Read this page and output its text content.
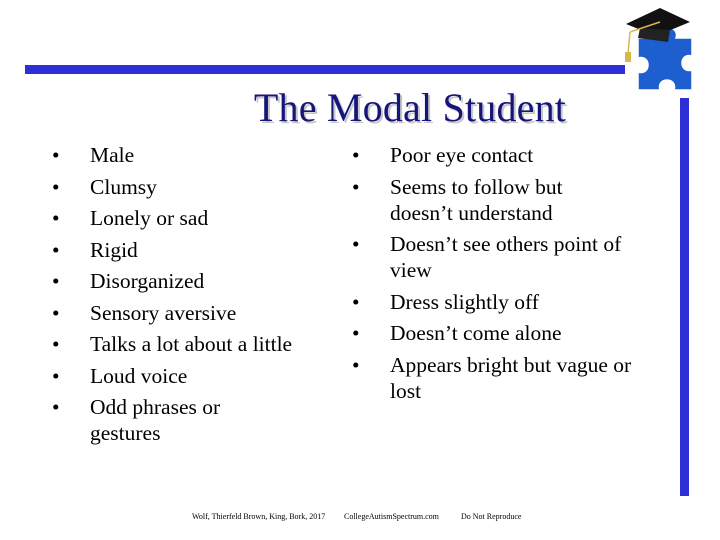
The Modal Student
• Male
• Clumsy
• Lonely or sad
• Rigid
• Disorganized
• Sensory aversive
• Talks a lot about a little
• Loud voice
• Odd phrases or gestures
• Poor eye contact
• Seems to follow but doesn’t understand
• Doesn’t see others point of view
• Dress slightly off
• Doesn’t come alone
• Appears bright but vague or lost
Wolf, Thierfeld Brown, King, Bork, 2017 CollegeAutismSpectrum.com	Do Not Reproduce
